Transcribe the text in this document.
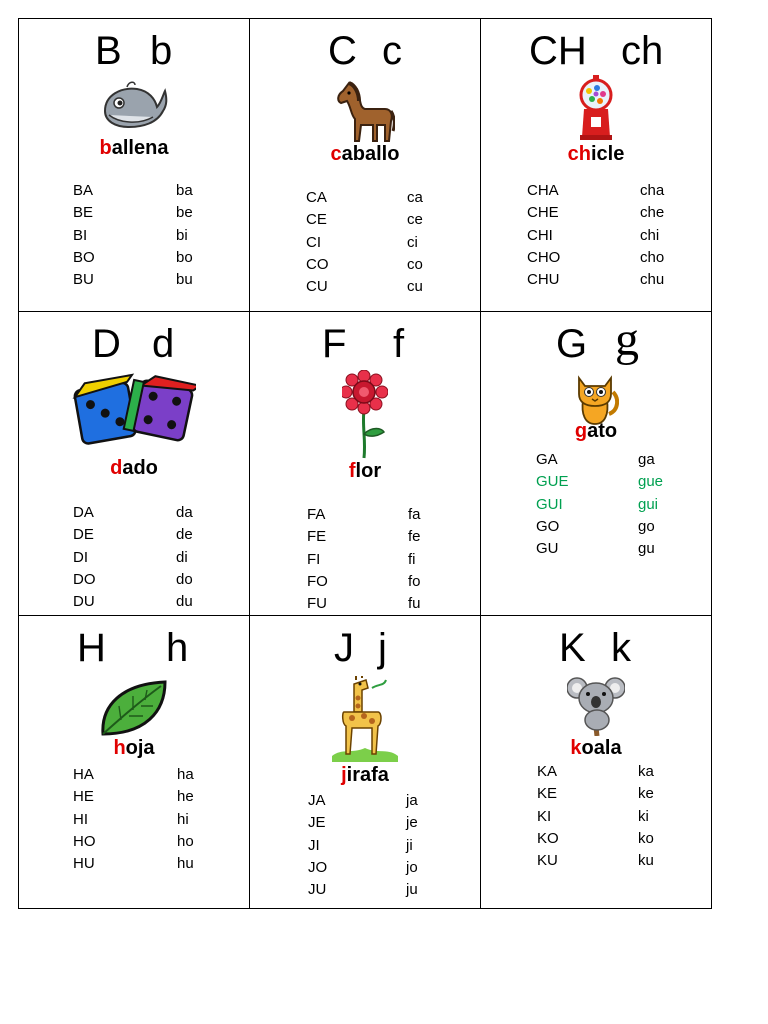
B b
ballena
BA
BE
BI
BO
BU
ba
be
bi
bo
bu
C c
caballo
CA
CE
CI
CO
CU
ca
ce
ci
co
cu
CH ch
chicle
CHA
CHE
CHI
CHO
CHU
cha
che
chi
cho
chu
D d
dado
DA
DE
DI
DO
DU
da
de
di
do
du
F f
flor
FA
FE
FI
FO
FU
fa
fe
fi
fo
fu
G g
gato
GA
GUE
GUI
GO
GU
ga
gue
gui
go
gu
H h
hoja
HA
HE
HI
HO
HU
ha
he
hi
ho
hu
J j
jirafa
JA
JE
JI
JO
JU
ja
je
ji
jo
ju
K k
koala
KA
KE
KI
KO
KU
ka
ke
ki
ko
ku
